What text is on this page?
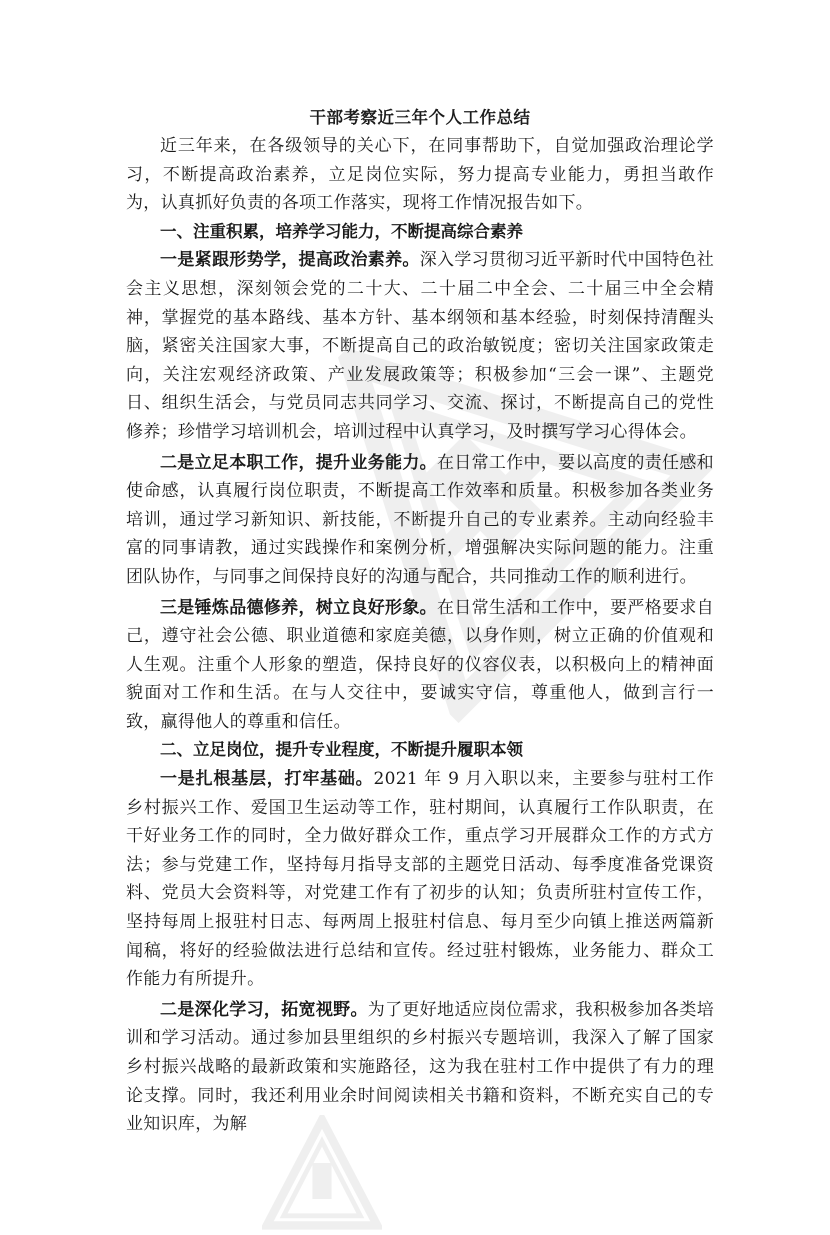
干部考察近三年个人工作总结

近三年来，在各级领导的关心下，在同事帮助下，自觉加强政治理论学习，不断提高政治素养，立足岗位实际，努力提高专业能力，勇担当敢作为，认真抓好负责的各项工作落实，现将工作情况报告如下。

一、注重积累，培养学习能力，不断提高综合素养

一是紧跟形势学，提高政治素养。深入学习贯彻习近平新时代中国特色社会主义思想，深刻领会党的二十大、二十届二中全会、二十届三中全会精神，掌握党的基本路线、基本方针、基本纲领和基本经验，时刻保持清醒头脑，紧密关注国家大事，不断提高自己的政治敏锐度；密切关注国家政策走向，关注宏观经济政策、产业发展政策等；积极参加“三会一课”、主题党日、组织生活会，与党员同志共同学习、交流、探讨，不断提高自己的党性修养；珍惜学习培训机会，培训过程中认真学习，及时撰写学习心得体会。

二是立足本职工作，提升业务能力。在日常工作中，要以高度的责任感和使命感，认真履行岗位职责，不断提高工作效率和质量。积极参加各类业务培训，通过学习新知识、新技能，不断提升自己的专业素养。主动向经验丰富的同事请教，通过实践操作和案例分析，增强解决实际问题的能力。注重团队协作，与同事之间保持良好的沟通与配合，共同推动工作的顺利进行。

三是锤炼品德修养，树立良好形象。在日常生活和工作中，要严格要求自己，遵守社会公德、职业道德和家庭美德，以身作则，树立正确的价值观和人生观。注重个人形象的塑造，保持良好的仪容仪表，以积极向上的精神面貌面对工作和生活。在与人交往中，要诚实守信，尊重他人，做到言行一致，赢得他人的尊重和信任。

二、立足岗位，提升专业程度，不断提升履职本领

一是扎根基层，打牢基础。2021 年 9 月入职以来，主要参与驻村工作乡村振兴工作、爱国卫生运动等工作，驻村期间，认真履行工作队职责，在干好业务工作的同时，全力做好群众工作，重点学习开展群众工作的方式方法；参与党建工作，坚持每月指导支部的主题党日活动、每季度准备党课资料、党员大会资料等，对党建工作有了初步的认知；负责所驻村宣传工作，坚持每周上报驻村日志、每两周上报驻村信息、每月至少向镇上推送两篇新闻稿，将好的经验做法进行总结和宣传。经过驻村锻炼，业务能力、群众工作能力有所提升。

二是深化学习，拓宽视野。为了更好地适应岗位需求，我积极参加各类培训和学习活动。通过参加县里组织的乡村振兴专题培训，我深入了解了国家乡村振兴战略的最新政策和实施路径，这为我在驻村工作中提供了有力的理论支撑。同时，我还利用业余时间阅读相关书籍和资料，不断充实自己的专业知识库，为解
